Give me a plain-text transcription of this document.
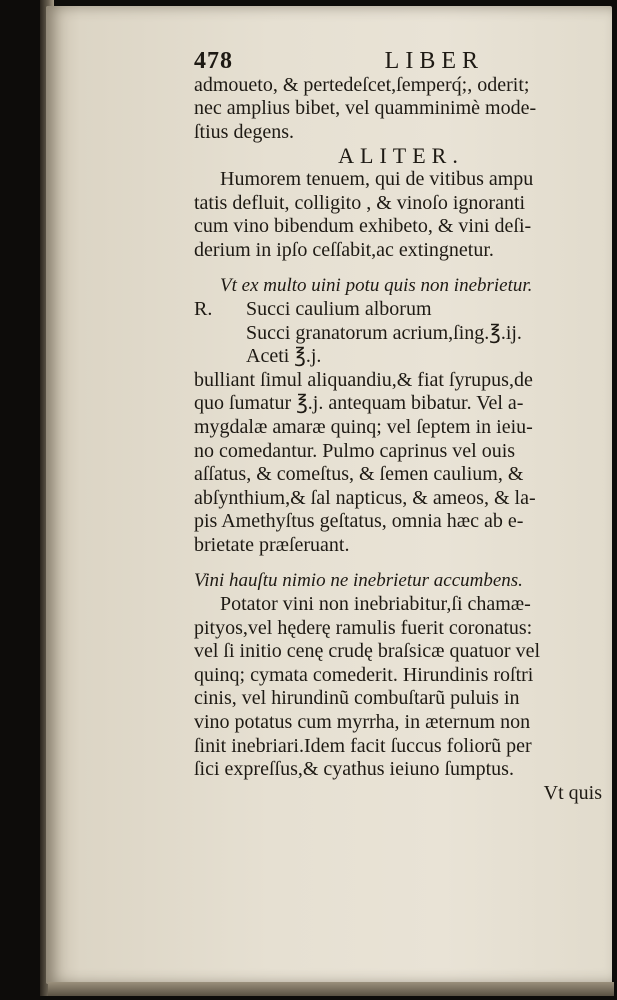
478	LIBER
admoueto, & pertedeſcet,ſemperq́;, oderit;
nec amplius bibet, vel quamminimè mode-
ſtius degens.
ALITER.
Humorem tenuem, qui de vitibus ampu
tatis defluit, colligito , & vinoſo ignoranti
cum vino bibendum exhibeto, & vini deſi-
derium in ipſo ceſſabit,ac extingnetur.
Vt ex multo uini potu quis non inebrietur.
R.	Succi caulium alborum
Succi granatorum acrium,ſing.℥.ij.
Aceti ℥.j.
bulliant ſimul aliquandiu,& fiat ſyrupus,de
quo ſumatur ℥.j. antequam bibatur. Vel a-
mygdalæ amaræ quinq; vel ſeptem in ieiu-
no comedantur. Pulmo caprinus vel ouis
aſſatus, & comeſtus, & ſemen caulium, &
abſynthium,& ſal napticus, & ameos, & la-
pis Amethyſtus geſtatus, omnia hæc ab e-
brietate præſeruant.
Vini hauſtu nimio ne inebrietur accumbens.
Potator vini non inebriabitur,ſi chamæ-
pityos,vel hęderę ramulis fuerit coronatus:
vel ſi initio cenę crudę braſsicæ quatuor vel
quinq; cymata comederit. Hirundinis roſtri
cinis, vel hirundinũ combuſtarũ puluis in
vino potatus cum myrrha, in æternum non
ſinit inebriari.Idem facit ſuccus foliorũ per
ſici expreſſus,& cyathus ieiuno ſumptus.
Vt quis
